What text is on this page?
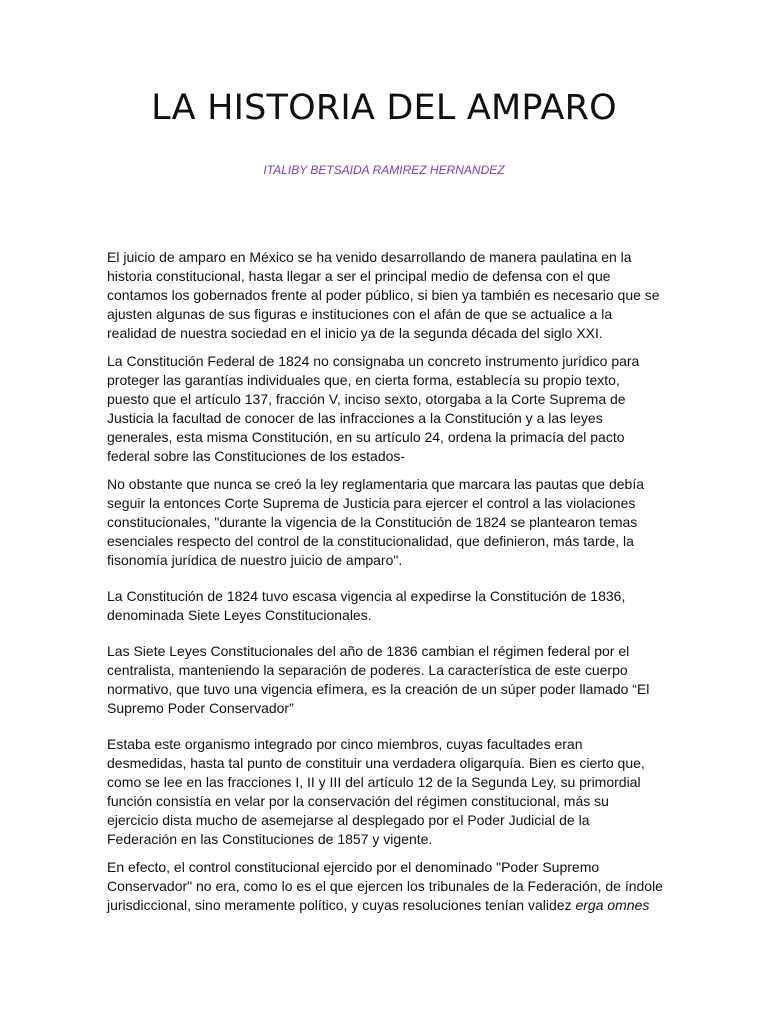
LA HISTORIA DEL AMPARO
ITALIBY BETSAIDA RAMIREZ HERNANDEZ

El juicio de amparo en México se ha venido desarrollando de manera paulatina en la historia constitucional, hasta llegar a ser el principal medio de defensa con el que contamos los gobernados frente al poder público, si bien ya también es necesario que se ajusten algunas de sus figuras e instituciones con el afán de que se actualice a la realidad de nuestra sociedad en el inicio ya de la segunda década del siglo XXI.

La Constitución Federal de 1824 no consignaba un concreto instrumento jurídico para proteger las garantías individuales que, en cierta forma, establecía su propio texto, puesto que el artículo 137, fracción V, inciso sexto, otorgaba a la Corte Suprema de Justicia la facultad de conocer de las infracciones a la Constitución y a las leyes generales, esta misma Constitución, en su artículo 24, ordena la primacía del pacto federal sobre las Constituciones de los estados-

No obstante que nunca se creó la ley reglamentaria que marcara las pautas que debía seguir la entonces Corte Suprema de Justicia para ejercer el control a las violaciones constitucionales, "durante la vigencia de la Constitución de 1824 se plantearon temas esenciales respecto del control de la constitucionalidad, que definieron, más tarde, la fisonomía jurídica de nuestro juicio de amparo".

La Constitución de 1824 tuvo escasa vigencia al expedirse la Constitución de 1836, denominada Siete Leyes Constitucionales.

Las Siete Leyes Constitucionales del año de 1836 cambian el régimen federal por el centralista, manteniendo la separación de poderes. La característica de este cuerpo normativo, que tuvo una vigencia efímera, es la creación de un súper poder llamado “El Supremo Poder Conservador”

Estaba este organismo integrado por cinco miembros, cuyas facultades eran desmedidas, hasta tal punto de constituir una verdadera oligarquía. Bien es cierto que, como se lee en las fracciones I, II y III del artículo 12 de la Segunda Ley, su primordial función consistía en velar por la conservación del régimen constitucional, más su ejercicio dista mucho de asemejarse al desplegado por el Poder Judicial de la Federación en las Constituciones de 1857 y vigente.

En efecto, el control constitucional ejercido por el denominado "Poder Supremo Conservador" no era, como lo es el que ejercen los tribunales de la Federación, de índole jurisdiccional, sino meramente político, y cuyas resoluciones tenían validez erga omnes
